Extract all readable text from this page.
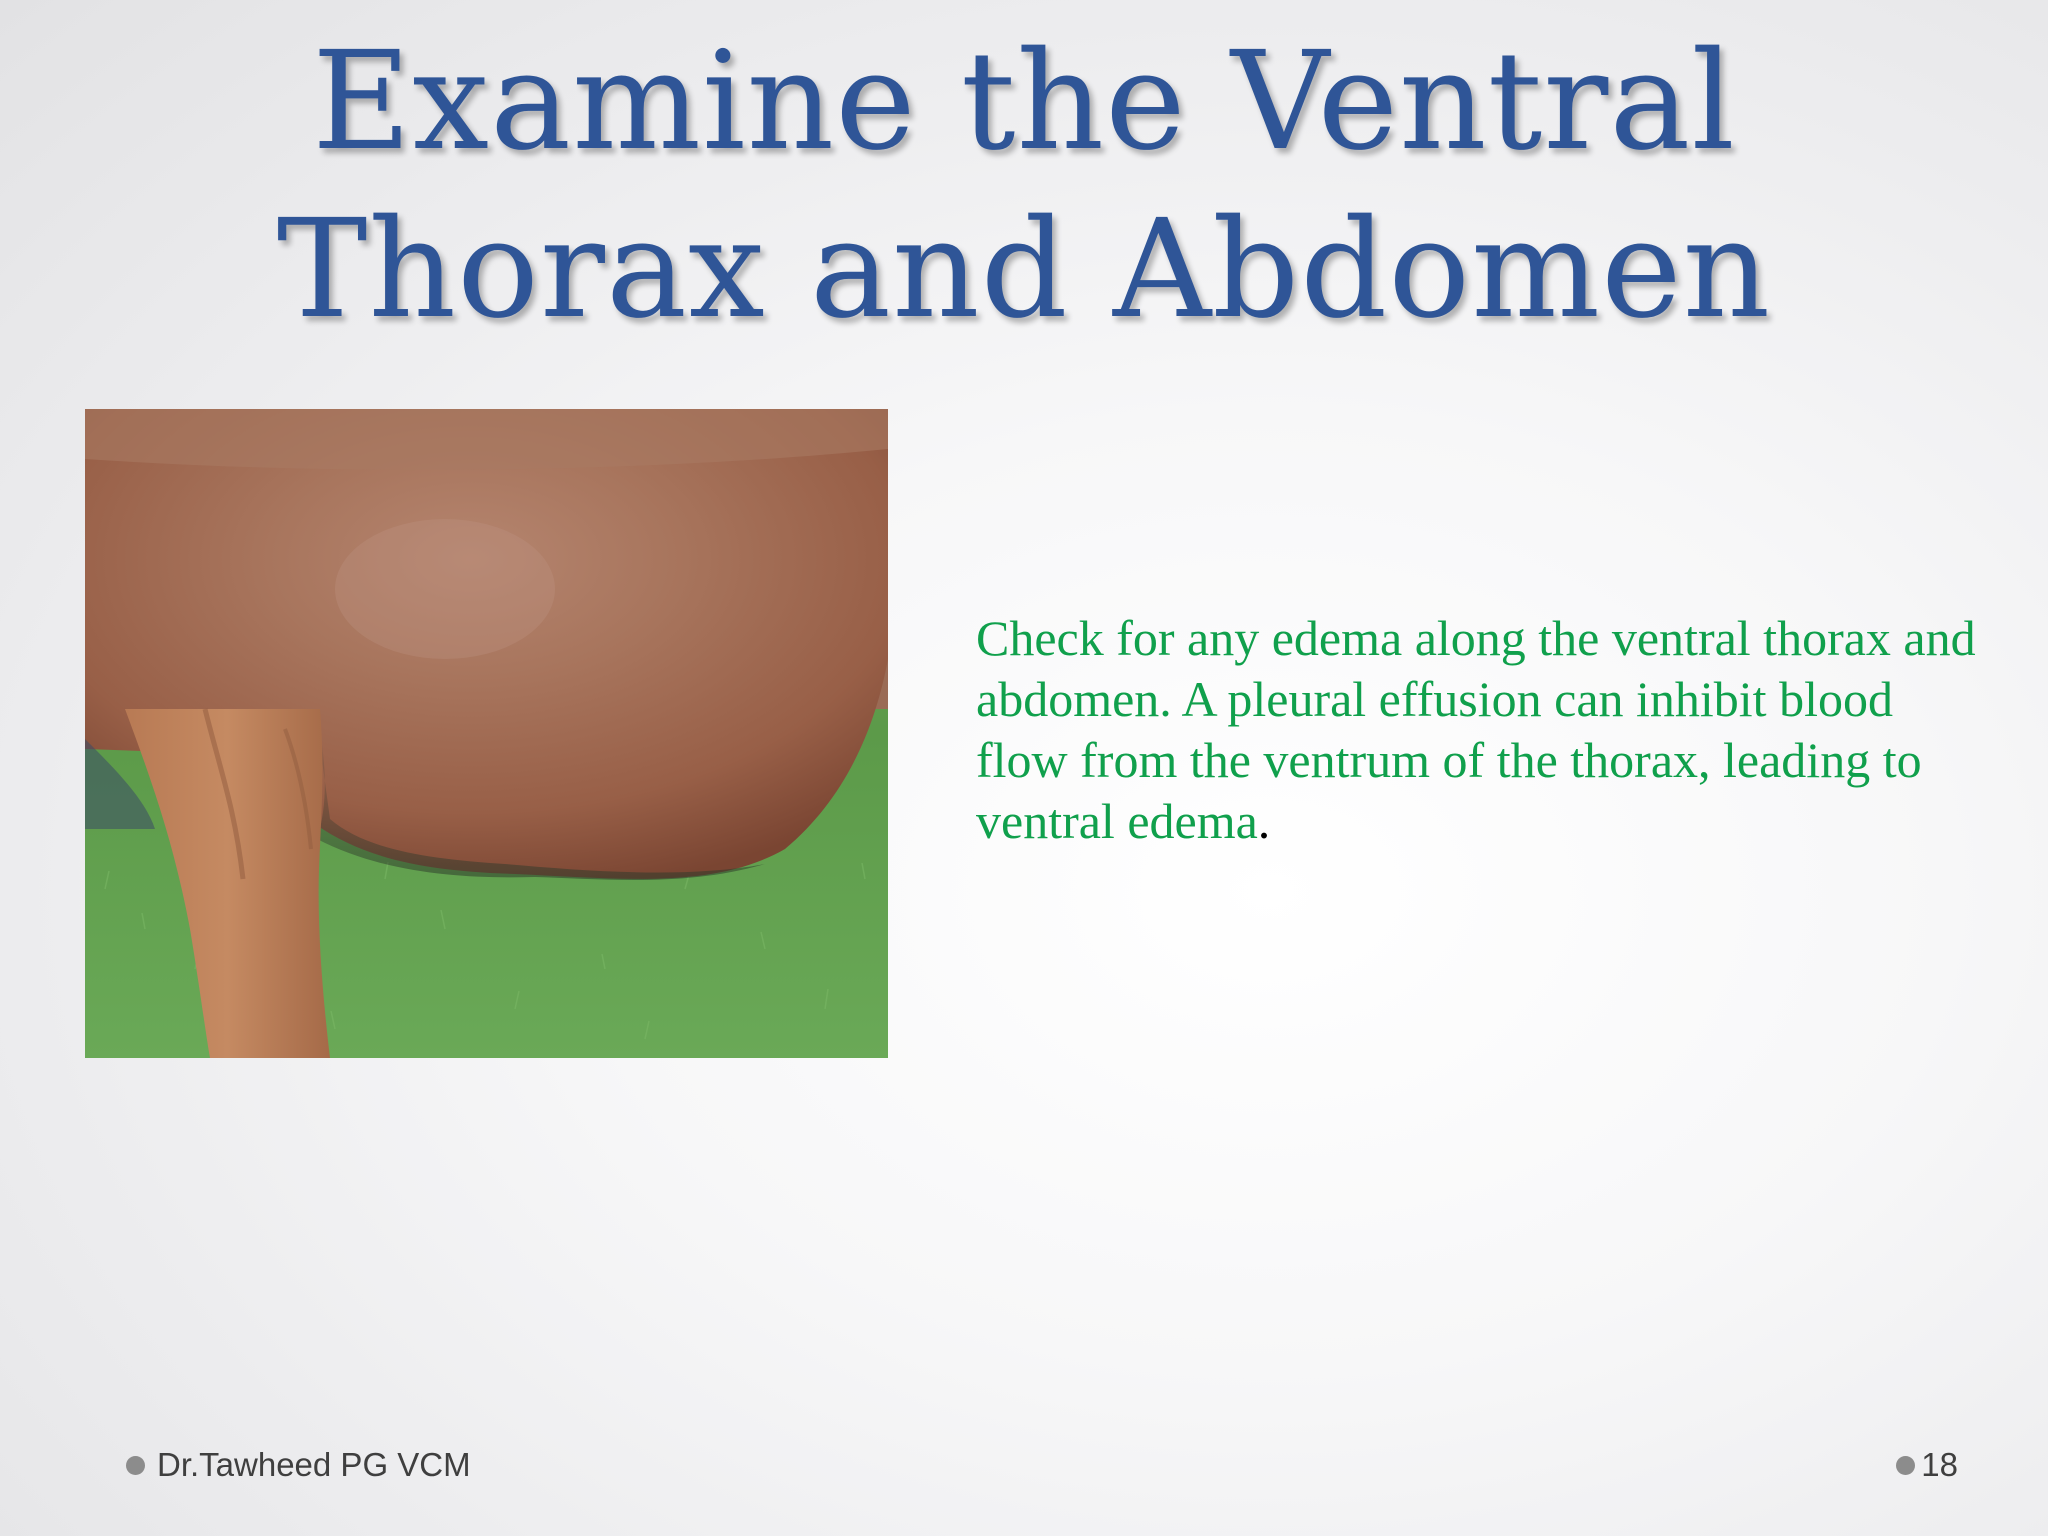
Examine the Ventral
Thorax and Abdomen

Check for any edema along the ventral thorax and abdomen. A pleural effusion can inhibit blood flow from the ventrum of the thorax, leading to ventral edema.

Dr.Tawheed PG VCM	18
